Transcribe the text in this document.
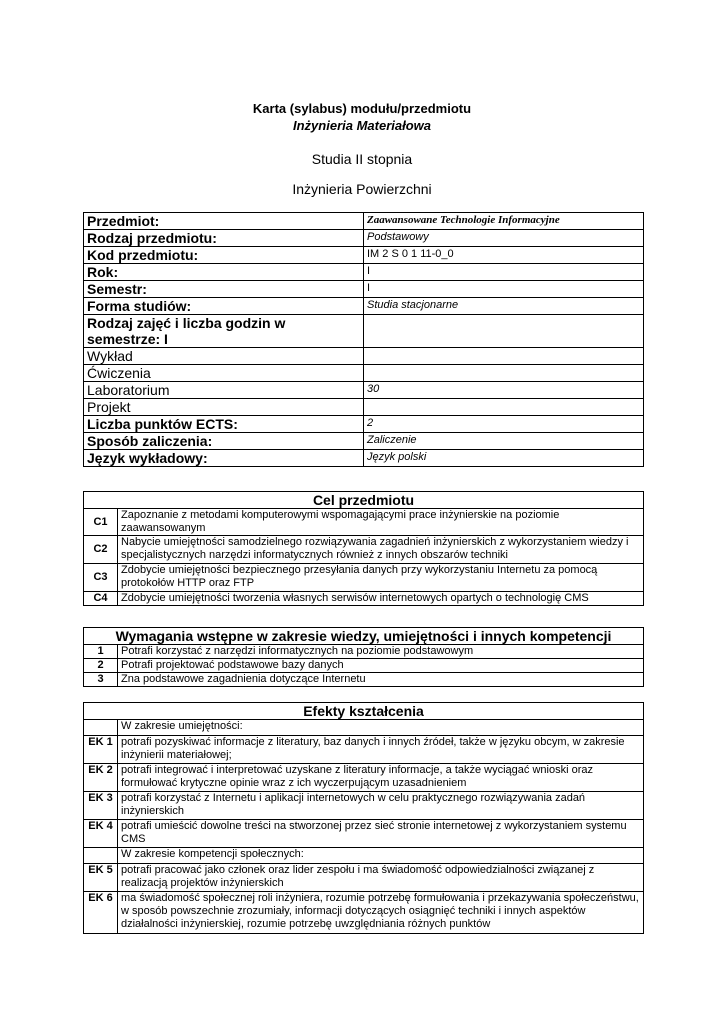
Karta (sylabus) modułu/przedmiotu
Inżynieria Materiałowa
Studia II stopnia
Inżynieria Powierzchni
Przedmiot:	Zaawansowane Technologie Informacyjne
Rodzaj przedmiotu:	Podstawowy
Kod przedmiotu:	IM 2 S 0 1 11-0_0
Rok:	I
Semestr:	I
Forma studiów:	Studia stacjonarne
Rodzaj zajęć i liczba godzin w semestrze: I	
Wykład	
Ćwiczenia	
Laboratorium	30
Projekt	
Liczba punktów ECTS:	2
Sposób zaliczenia:	Zaliczenie
Język wykładowy:	Język polski
Cel przedmiotu	
C1	Zapoznanie z metodami komputerowymi wspomagającymi prace inżynierskie na poziomie zaawansowanym
C2	Nabycie umiejętności samodzielnego rozwiązywania zagadnień inżynierskich z wykorzystaniem wiedzy i specjalistycznych narzędzi informatycznych również z innych obszarów techniki
C3	Zdobycie umiejętności bezpiecznego przesyłania danych przy wykorzystaniu Internetu za pomocą protokołów HTTP oraz FTP
C4	Zdobycie umiejętności tworzenia własnych serwisów internetowych opartych o technologię CMS
Wymagania wstępne w zakresie wiedzy, umiejętności i innych kompetencji	
1	Potrafi korzystać z narzędzi informatycznych na poziomie podstawowym
2	Potrafi projektować podstawowe bazy danych
3	Zna podstawowe zagadnienia dotyczące Internetu
Efekty kształcenia	
	W zakresie umiejętności:
EK 1	potrafi pozyskiwać informacje z literatury, baz danych i innych źródeł, także w języku obcym, w zakresie inżynierii materiałowej;
EK 2	potrafi integrować i interpretować uzyskane z literatury informacje, a także wyciągać wnioski oraz formułować krytyczne opinie wraz z ich wyczerpującym uzasadnieniem
EK 3	potrafi korzystać z Internetu i aplikacji internetowych w celu praktycznego rozwiązywania zadań inżynierskich
EK 4	potrafi umieścić dowolne treści na stworzonej przez sieć stronie internetowej z wykorzystaniem systemu CMS
	W zakresie kompetencji społecznych:
EK 5	potrafi pracować jako członek oraz lider zespołu i ma świadomość odpowiedzialności związanej z realizacją projektów inżynierskich
EK 6	ma świadomość społecznej roli inżyniera, rozumie potrzebę formułowania i przekazywania społeczeństwu, w sposób powszechnie zrozumiały, informacji dotyczących osiągnięć techniki i innych aspektów działalności inżynierskiej, rozumie potrzebę uwzględniania różnych punktów
